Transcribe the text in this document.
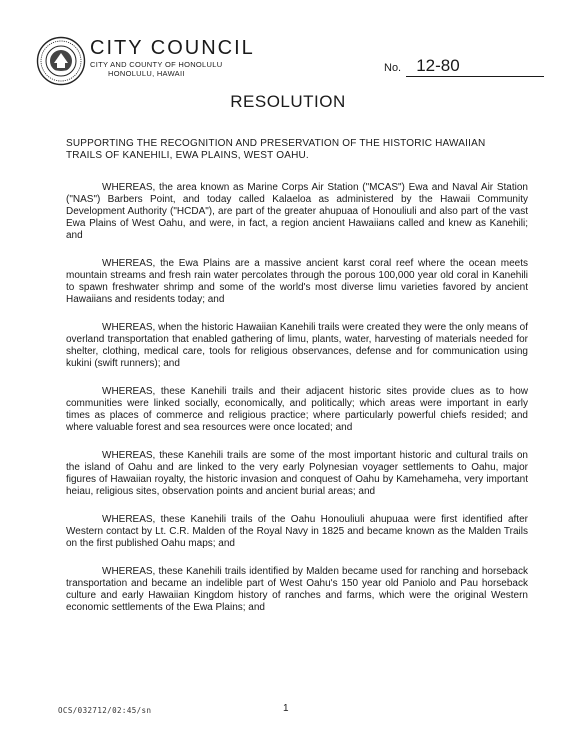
CITY COUNCIL
CITY AND COUNTY OF HONOLULU
HONOLULU, HAWAII	No. 12-80
RESOLUTION
SUPPORTING THE RECOGNITION AND PRESERVATION OF THE HISTORIC HAWAIIAN TRAILS OF KANEHILI, EWA PLAINS, WEST OAHU.

WHEREAS, the area known as Marine Corps Air Station ("MCAS") Ewa and Naval Air Station ("NAS") Barbers Point, and today called Kalaeloa as administered by the Hawaii Community Development Authority ("HCDA"), are part of the greater ahupuaa of Honouliuli and also part of the vast Ewa Plains of West Oahu, and were, in fact, a region ancient Hawaiians called and knew as Kanehili; and

WHEREAS, the Ewa Plains are a massive ancient karst coral reef where the ocean meets mountain streams and fresh rain water percolates through the porous 100,000 year old coral in Kanehili to spawn freshwater shrimp and some of the world's most diverse limu varieties favored by ancient Hawaiians and residents today; and

WHEREAS, when the historic Hawaiian Kanehili trails were created they were the only means of overland transportation that enabled gathering of limu, plants, water, harvesting of materials needed for shelter, clothing, medical care, tools for religious observances, defense and for communication using kukini (swift runners); and

WHEREAS, these Kanehili trails and their adjacent historic sites provide clues as to how communities were linked socially, economically, and politically; which areas were important in early times as places of commerce and religious practice; where particularly powerful chiefs resided; and where valuable forest and sea resources were once located; and

WHEREAS, these Kanehili trails are some of the most important historic and cultural trails on the island of Oahu and are linked to the very early Polynesian voyager settlements to Oahu, major figures of Hawaiian royalty, the historic invasion and conquest of Oahu by Kamehameha, very important heiau, religious sites, observation points and ancient burial areas; and

WHEREAS, these Kanehili trails of the Oahu Honouliuli ahupuaa were first identified after Western contact by Lt. C.R. Malden of the Royal Navy in 1825 and became known as the Malden Trails on the first published Oahu maps; and

WHEREAS, these Kanehili trails identified by Malden became used for ranching and horseback transportation and became an indelible part of West Oahu's 150 year old Paniolo and Pau horseback culture and early Hawaiian Kingdom history of ranches and farms, which were the original Western economic settlements of the Ewa Plains; and

OCS/032712/02:45/sn	1
